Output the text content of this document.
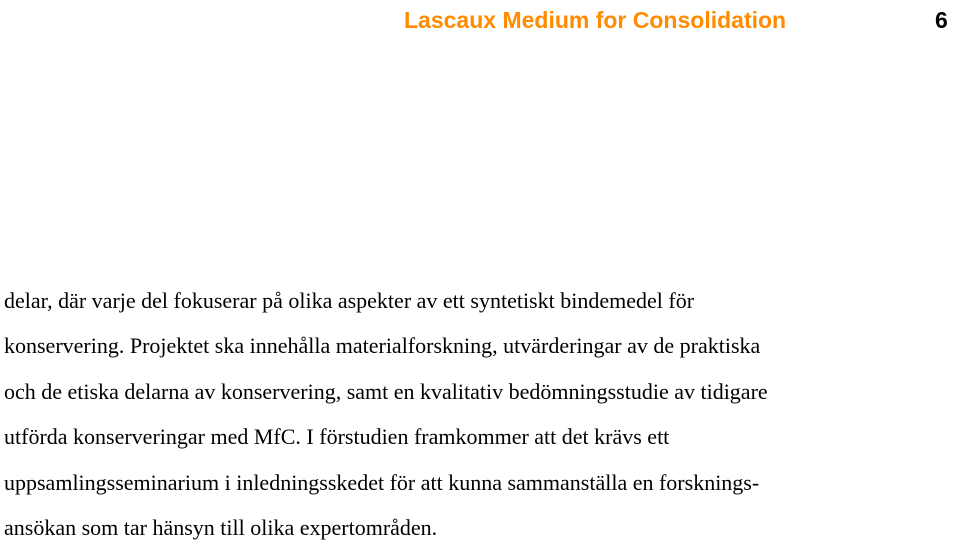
Lascaux Medium for Consolidation	6
delar, där varje del fokuserar på olika aspekter av ett syntetiskt bindemedel för
konservering. Projektet ska innehålla materialforskning, utvärderingar av de praktiska
och de etiska delarna av konservering, samt en kvalitativ bedömningsstudie av tidigare
utförda konserveringar med MfC. I förstudien framkommer att det krävs ett
uppsamlingsseminarium i inledningsskedet för att kunna sammanställa en forsknings-
ansökan som tar hänsyn till olika expertområden.
